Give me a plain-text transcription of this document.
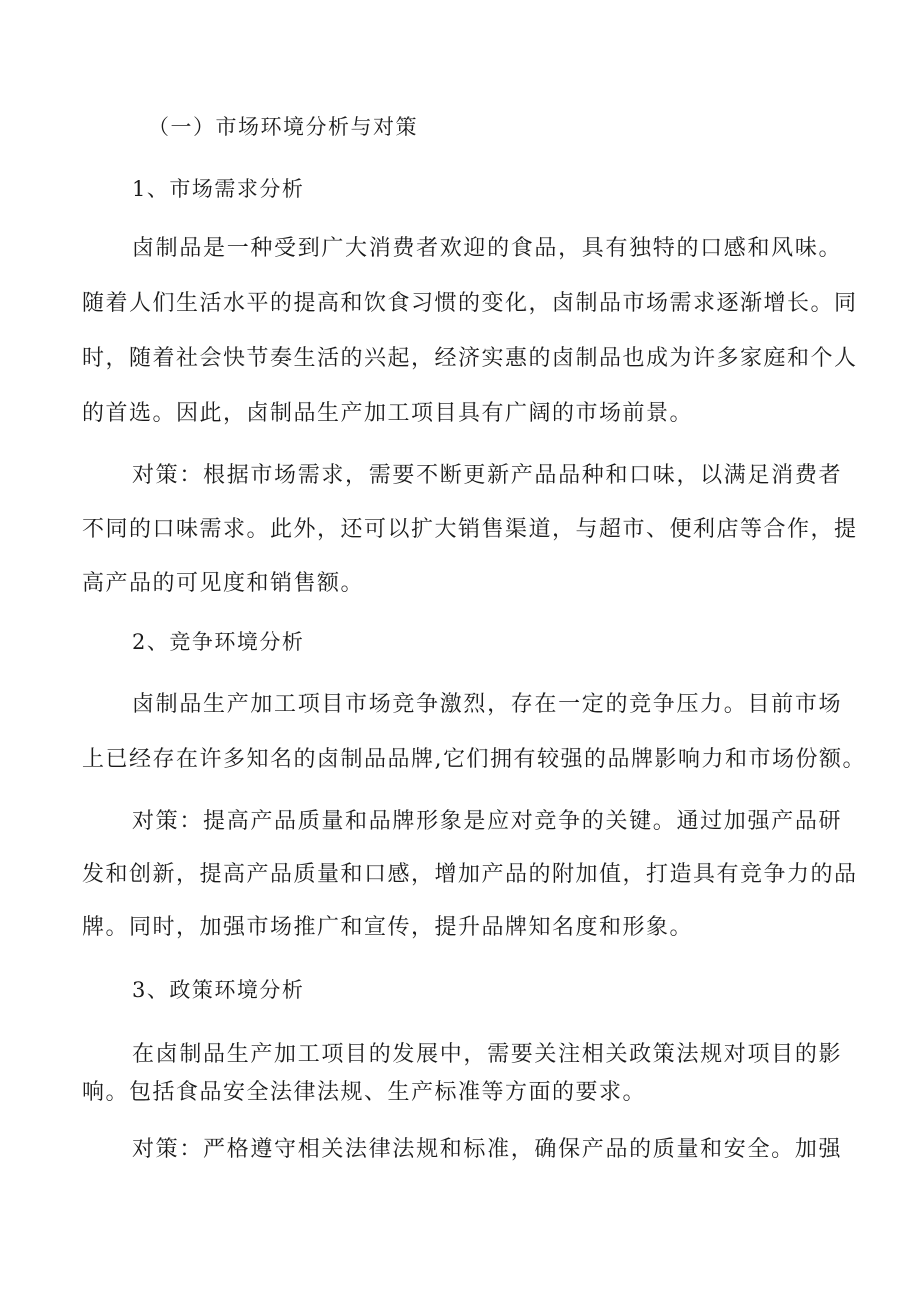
（一）市场环境分析与对策
1、市场需求分析
卤制品是一种受到广大消费者欢迎的食品，具有独特的口感和风味。
随着人们生活水平的提高和饮食习惯的变化，卤制品市场需求逐渐增长。同
时，随着社会快节奏生活的兴起，经济实惠的卤制品也成为许多家庭和个人
的首选。因此，卤制品生产加工项目具有广阔的市场前景。
对策：根据市场需求，需要不断更新产品品种和口味，以满足消费者
不同的口味需求。此外，还可以扩大销售渠道，与超市、便利店等合作，提
高产品的可见度和销售额。
2、竞争环境分析
卤制品生产加工项目市场竞争激烈，存在一定的竞争压力。目前市场
上已经存在许多知名的卤制品品牌,它们拥有较强的品牌影响力和市场份额。
对策：提高产品质量和品牌形象是应对竞争的关键。通过加强产品研
发和创新，提高产品质量和口感，增加产品的附加值，打造具有竞争力的品
牌。同时，加强市场推广和宣传，提升品牌知名度和形象。
3、政策环境分析
在卤制品生产加工项目的发展中，需要关注相关政策法规对项目的影
响。包括食品安全法律法规、生产标准等方面的要求。
对策：严格遵守相关法律法规和标准，确保产品的质量和安全。加强
